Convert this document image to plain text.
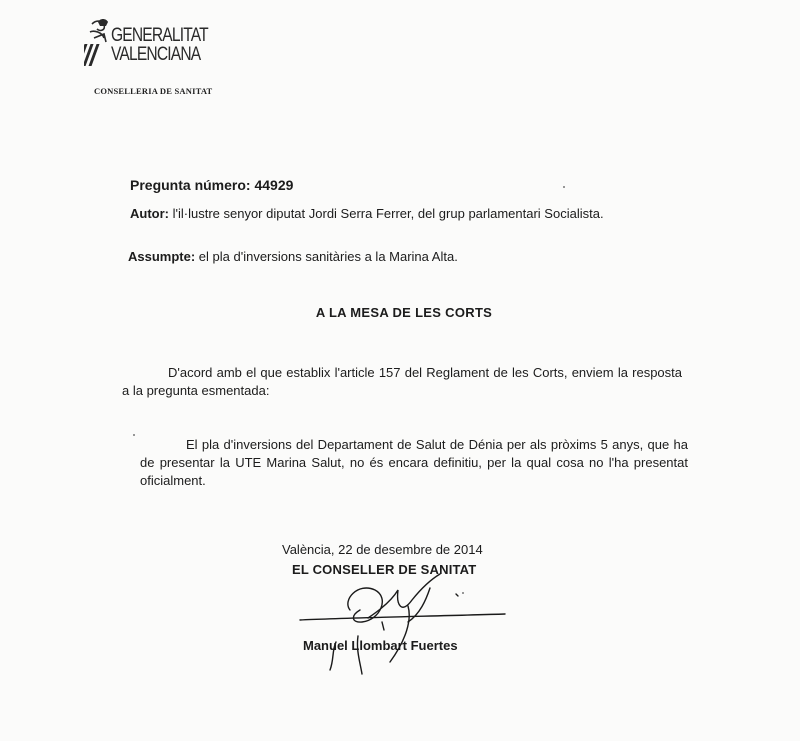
GENERALITAT
VALENCIANA
CONSELLERIA DE SANITAT
Pregunta número: 44929
Autor: l'il·lustre senyor diputat Jordi Serra Ferrer, del grup parlamentari Socialista.
Assumpte: el pla d'inversions sanitàries a la Marina Alta.
A LA MESA DE LES CORTS
D'acord amb el que establix l'article 157 del Reglament de les Corts, enviem la resposta a la pregunta esmentada:
El pla d'inversions del Departament de Salut de Dénia per als pròxims 5 anys, que ha de presentar la UTE Marina Salut, no és encara definitiu, per la qual cosa no l'ha presentat oficialment.
València, 22 de desembre de 2014
EL CONSELLER DE SANITAT
Manuel Llombart Fuertes
